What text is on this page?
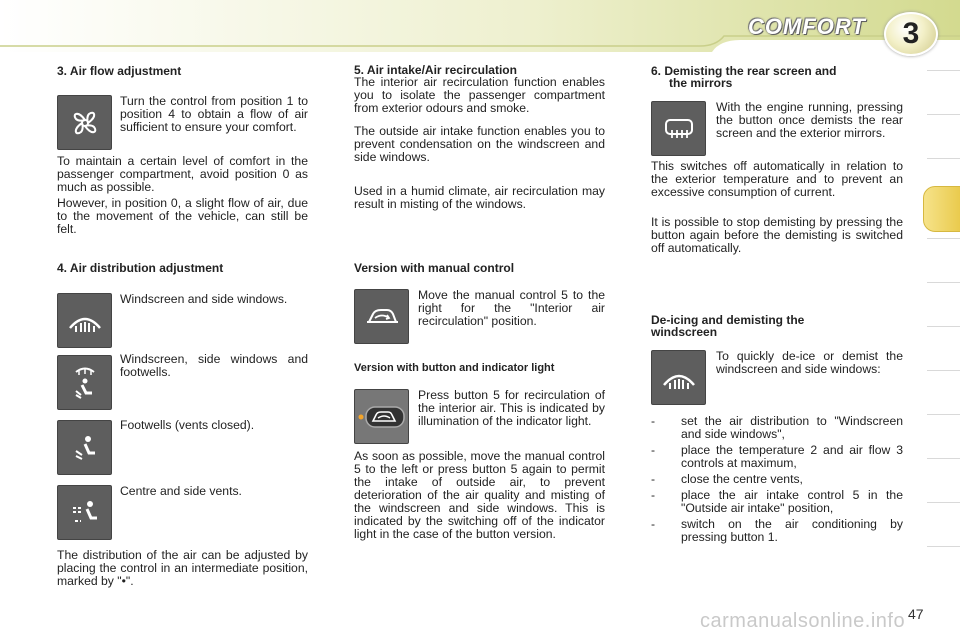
COMFORT	3
3. Air flow adjustment
Turn the control from position 1 to position 4 to obtain a flow of air sufficient to ensure your comfort.
To maintain a certain level of comfort in the passenger compartment, avoid position 0 as much as possible.
However, in position 0, a slight flow of air, due to the movement of the vehicle, can still be felt.
4. Air distribution adjustment
Windscreen and side windows.
Windscreen, side windows and footwells.
Footwells (vents closed).
Centre and side vents.
The distribution of the air can be adjusted by placing the control in an intermediate position, marked by "•".
5. Air intake/Air recirculation
The interior air recirculation function enables you to isolate the passenger compartment from exterior odours and smoke.
The outside air intake function enables you to prevent condensation on the windscreen and side windows.
Used in a humid climate, air recirculation may result in misting of the windows.
Version with manual control
Move the manual control 5 to the right for the "Interior air recirculation" position.
Version with button and indicator light
Press button 5 for recirculation of the interior air. This is indicated by illumination of the indicator light.
As soon as possible, move the manual control 5 to the left or press button 5 again to permit the intake of outside air, to prevent deterioration of the air quality and misting of the windscreen and side windows. This is indicated by the switching off of the indicator light in the case of the button version.
6. Demisting the rear screen and
the mirrors
With the engine running, pressing the button once demists the rear screen and the exterior mirrors.
This switches off automatically in relation to the exterior temperature and to prevent an excessive consumption of current.
It is possible to stop demisting by pressing the button again before the demisting is switched off automatically.
De-icing and demisting the
windscreen
To quickly de-ice or demist the windscreen and side windows:
- set the air distribution to "Windscreen and side windows",
- place the temperature 2 and air flow 3 controls at maximum,
- close the centre vents,
- place the air intake control 5 in the "Outside air intake" position,
- switch on the air conditioning by pressing button 1.
carmanualsonline.info 47
